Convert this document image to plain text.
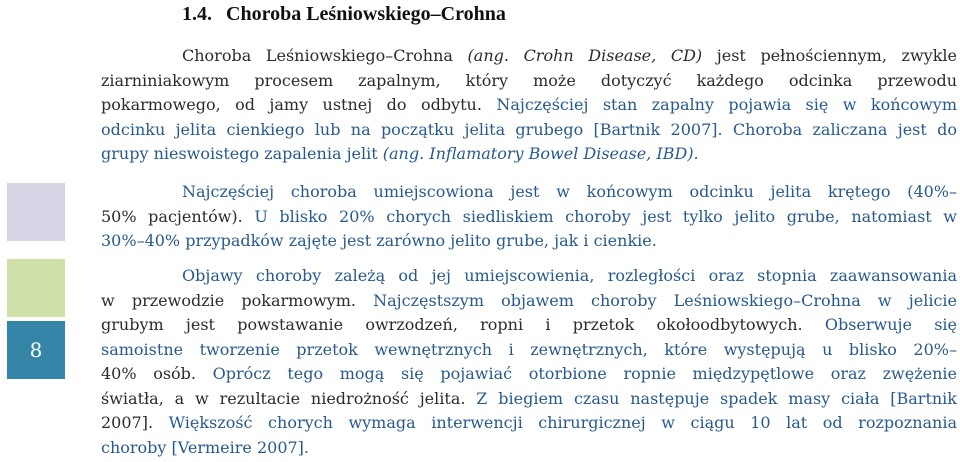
1.4. Choroba Leśniowskiego–Crohna
Choroba Leśniowskiego–Crohna (ang. Crohn Disease, CD) jest pełnościennym, zwykle
ziarniniakowym procesem zapalnym, który może dotyczyć każdego odcinka przewodu
pokarmowego, od jamy ustnej do odbytu. Najczęściej stan zapalny pojawia się w końcowym
odcinku jelita cienkiego lub na początku jelita grubego [Bartnik 2007]. Choroba zaliczana jest do
grupy nieswoistego zapalenia jelit (ang. Inflamatory Bowel Disease, IBD).
Najczęściej choroba umiejscowiona jest w końcowym odcinku jelita krętego (40%–
50% pacjentów). U blisko 20% chorych siedliskiem choroby jest tylko jelito grube, natomiast w
30%–40% przypadków zajęte jest zarówno jelito grube, jak i cienkie.
Objawy choroby zależą od jej umiejscowienia, rozległości oraz stopnia zaawansowania
w przewodzie pokarmowym. Najczęstszym objawem choroby Leśniowskiego–Crohna w jelicie
grubym jest powstawanie owrzodzeń, ropni i przetok okołoodbytowych. Obserwuje się
samoistne tworzenie przetok wewnętrznych i zewnętrznych, które występują u blisko 20%–
40% osób. Oprócz tego mogą się pojawiać otorbione ropnie międzypętlowe oraz zwężenie
światła, a w rezultacie niedrożność jelita. Z biegiem czasu następuje spadek masy ciała [Bartnik
2007]. Większość chorych wymaga interwencji chirurgicznej w ciągu 10 lat od rozpoznania
choroby [Vermeire 2007].
8
